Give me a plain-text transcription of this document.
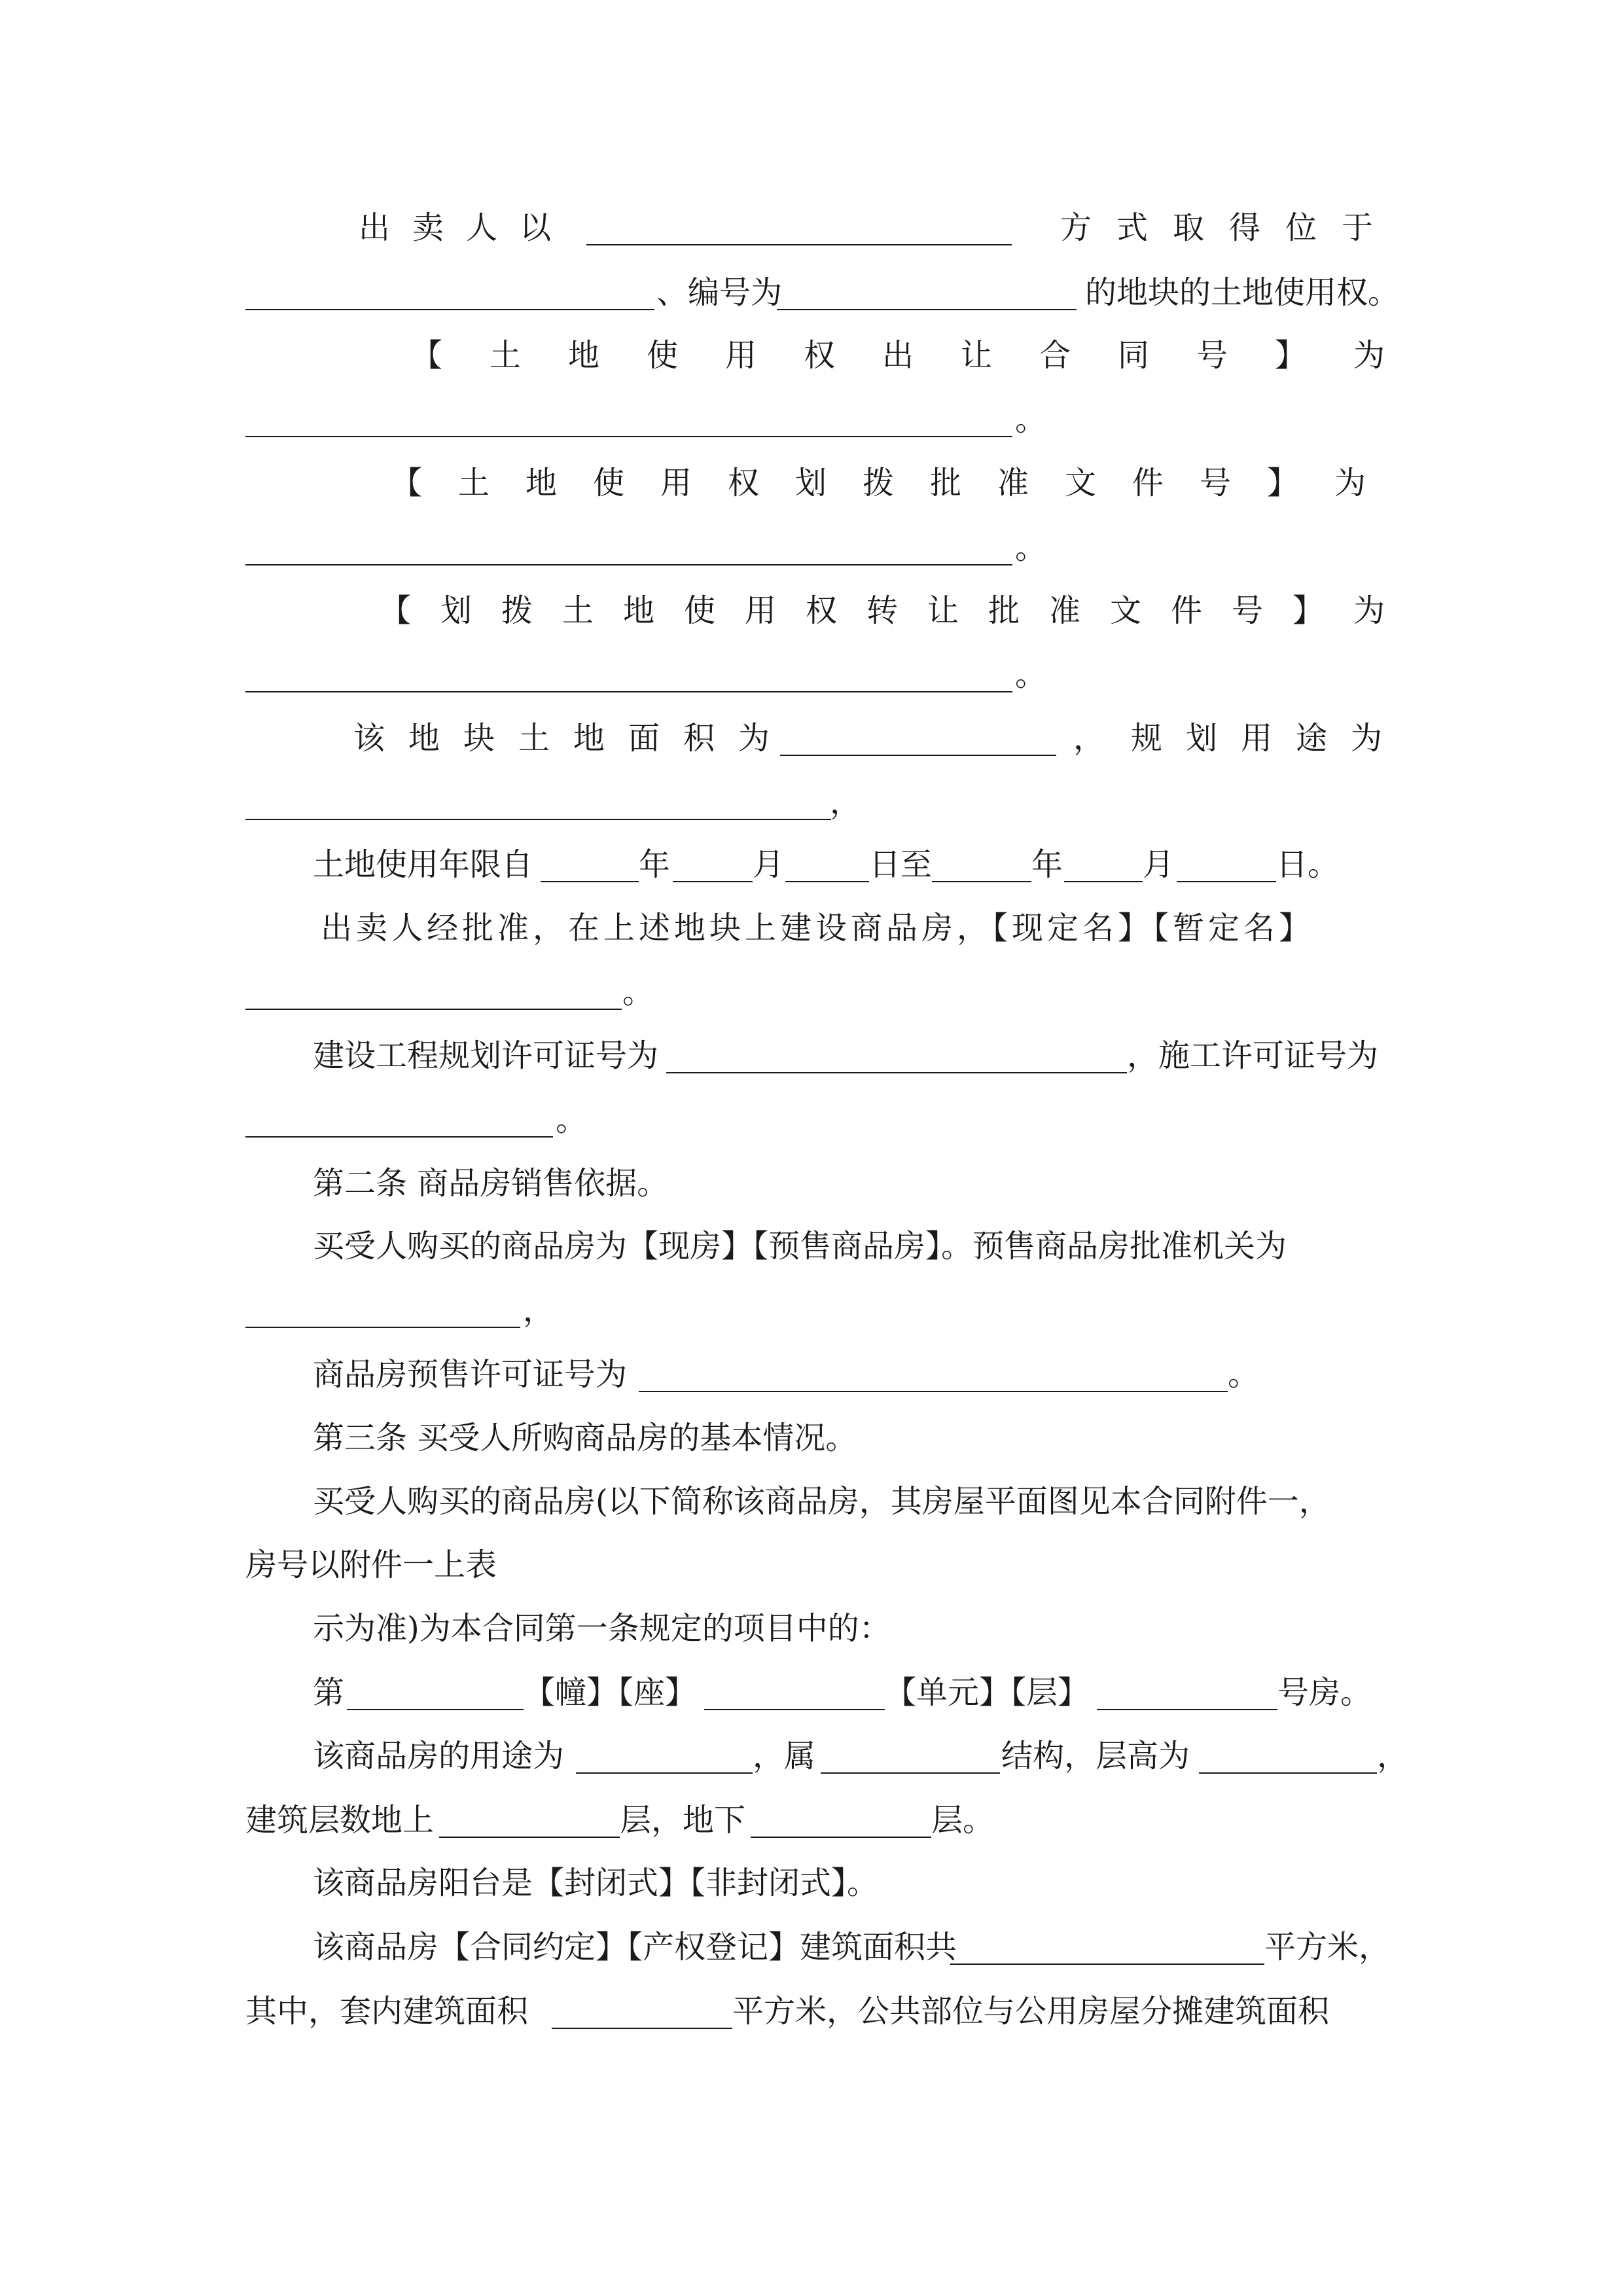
出卖人以	方式取得位于
、编号为	的地块的土地使用权。
【土地使用权出让合同号】为
。
【土地使用权划拨批准文件号】为
。
【划拨土地使用权转让批准文件号】为
。
该地块土地面积为	， 规划用途为
，
土地使用年限自	年	月	日至	年	月	日。
出卖人经批准，在上述地块上建设商品房，【现定名】【暂定名】
。
建设工程规划许可证号为	，施工许可证号为
。
第二条 商品房销售依据。
买受人购买的商品房为【现房】【预售商品房】。预售商品房批准机关为
，
商品房预售许可证号为	。
第三条 买受人所购商品房的基本情况。
买受人购买的商品房(以下简称该商品房，其房屋平面图见本合同附件一，
房号以附件一上表
示为准)为本合同第一条规定的项目中的：
第	【幢】【座】	【单元】【层】	号房。
该商品房的用途为	，属	结构，层高为	，
建筑层数地上	层，地下	层。
该商品房阳台是【封闭式】【非封闭式】。
该商品房【合同约定】【产权登记】建筑面积共	平方米，
其中，套内建筑面积	平方米，公共部位与公用房屋分摊建筑面积
